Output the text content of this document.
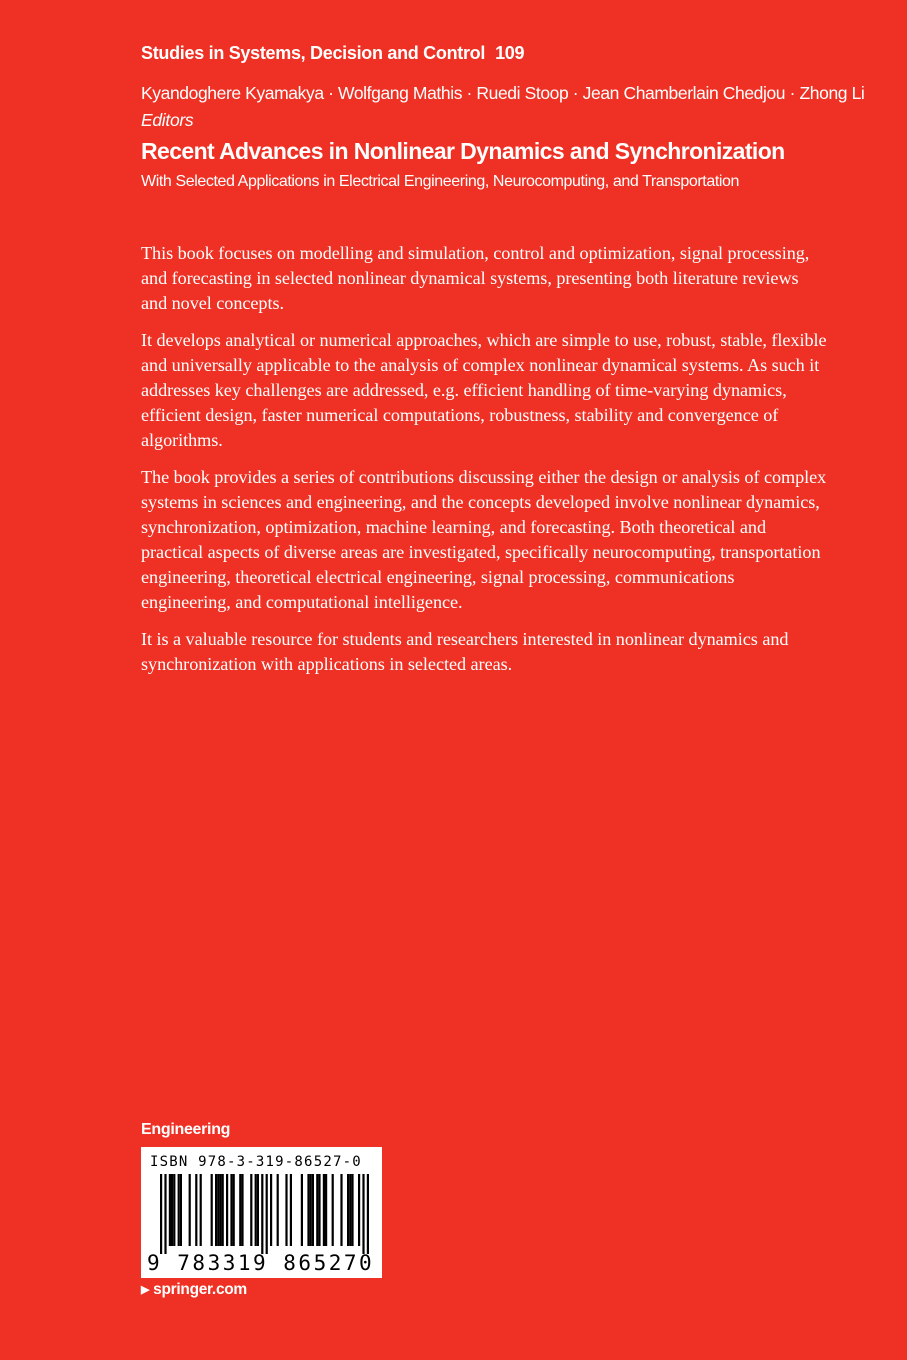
Studies in Systems, Decision and Control 109
Kyandoghere Kyamakya · Wolfgang Mathis · Ruedi Stoop · Jean Chamberlain Chedjou · Zhong Li
Editors
Recent Advances in Nonlinear Dynamics and Synchronization
With Selected Applications in Electrical Engineering, Neurocomputing, and Transportation

This book focuses on modelling and simulation, control and optimization, signal processing, and forecasting in selected nonlinear dynamical systems, presenting both literature reviews and novel concepts.

It develops analytical or numerical approaches, which are simple to use, robust, stable, flexible and universally applicable to the analysis of complex nonlinear dynamical systems. As such it addresses key challenges are addressed, e.g. efficient handling of time-varying dynamics, efficient design, faster numerical computations, robustness, stability and convergence of algorithms.

The book provides a series of contributions discussing either the design or analysis of complex systems in sciences and engineering, and the concepts developed involve nonlinear dynamics, synchronization, optimization, machine learning, and forecasting. Both theoretical and practical aspects of diverse areas are investigated, specifically neurocomputing, transportation engineering, theoretical electrical engineering, signal processing, communications engineering, and computational intelligence.

It is a valuable resource for students and researchers interested in nonlinear dynamics and synchronization with applications in selected areas.

Engineering
ISBN 978-3-319-86527-0
9 783319 865270
▶ springer.com
